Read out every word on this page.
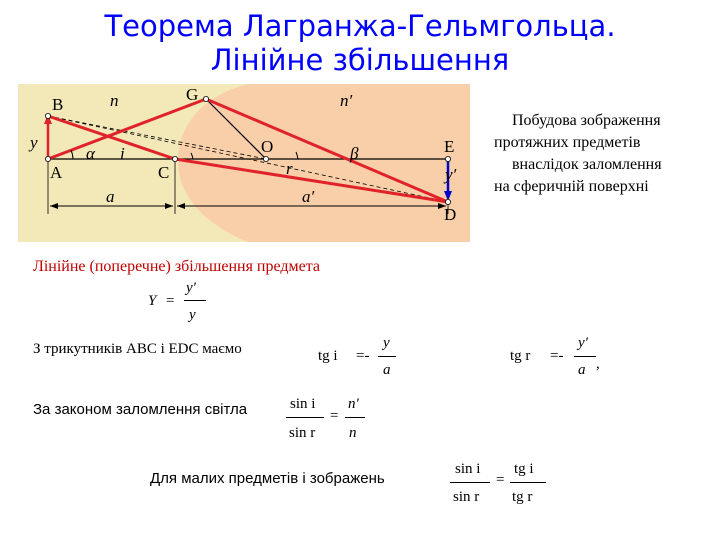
Теорема Лагранжа-Гельмгольца.
Лінійне збільшення
B
G
O	E
A	C
D
n	n′
y
y′
α i	β
r
a	a′
Побудова зображення
протяжних предметів
внаслідок заломлення
на сферичній поверхні
Лінійне (поперечне) збільшення предмета
Y =
y′
y
З трикутників ABC і EDC маємо	tg i =-
y
a
tg r =-
y′
a ,
За законом заломлення світла	sin i
sin r
=
n′
n
Для малих предметів і зображень
sin i
sin r
=
tg i
tg r
